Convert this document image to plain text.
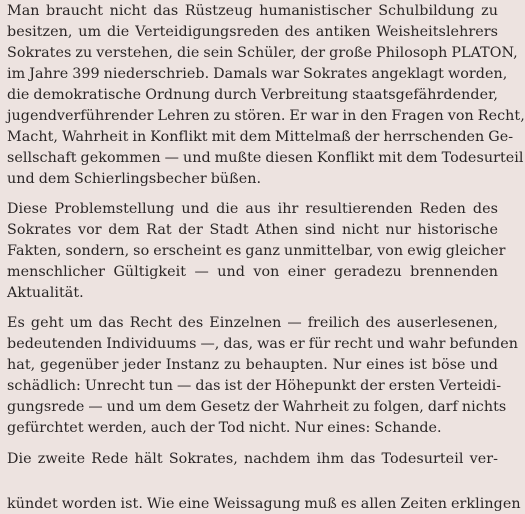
Man braucht nicht das Rüstzeug humanistischer Schulbildung zu

besitzen, um die Verteidigungsreden des antiken Weisheitslehrers

Sokrates zu verstehen, die sein Schüler, der große Philosoph PLATON,

im Jahre 399 niederschrieb. Damals war Sokrates angeklagt worden,

die demokratische Ordnung durch Verbreitung staatsgefährdender,

jugendverführender Lehren zu stören. Er war in den Fragen von Recht,

Macht, Wahrheit in Konflikt mit dem Mittelmaß der herrschenden Ge-

sellschaft gekommen — und mußte diesen Konflikt mit dem Todesurteil

und dem Schierlingsbecher büßen.

Diese Problemstellung und die aus ihr resultierenden Reden des

Sokrates vor dem Rat der Stadt Athen sind nicht nur historische

Fakten, sondern, so erscheint es ganz unmittelbar, von ewig gleicher

menschlicher Gültigkeit — und von einer geradezu brennenden

Aktualität.

Es geht um das Recht des Einzelnen — freilich des auserlesenen,

bedeutenden Individuums —, das, was er für recht und wahr befunden

hat, gegenüber jeder Instanz zu behaupten. Nur eines ist böse und

schädlich: Unrecht tun — das ist der Höhepunkt der ersten Verteidi-

gungsrede — und um dem Gesetz der Wahrheit zu folgen, darf nichts

gefürchtet werden, auch der Tod nicht. Nur eines: Schande.

Die zweite Rede hält Sokrates, nachdem ihm das Todesurteil ver-

kündet worden ist. Wie eine Weissagung muß es allen Zeiten erklingen
